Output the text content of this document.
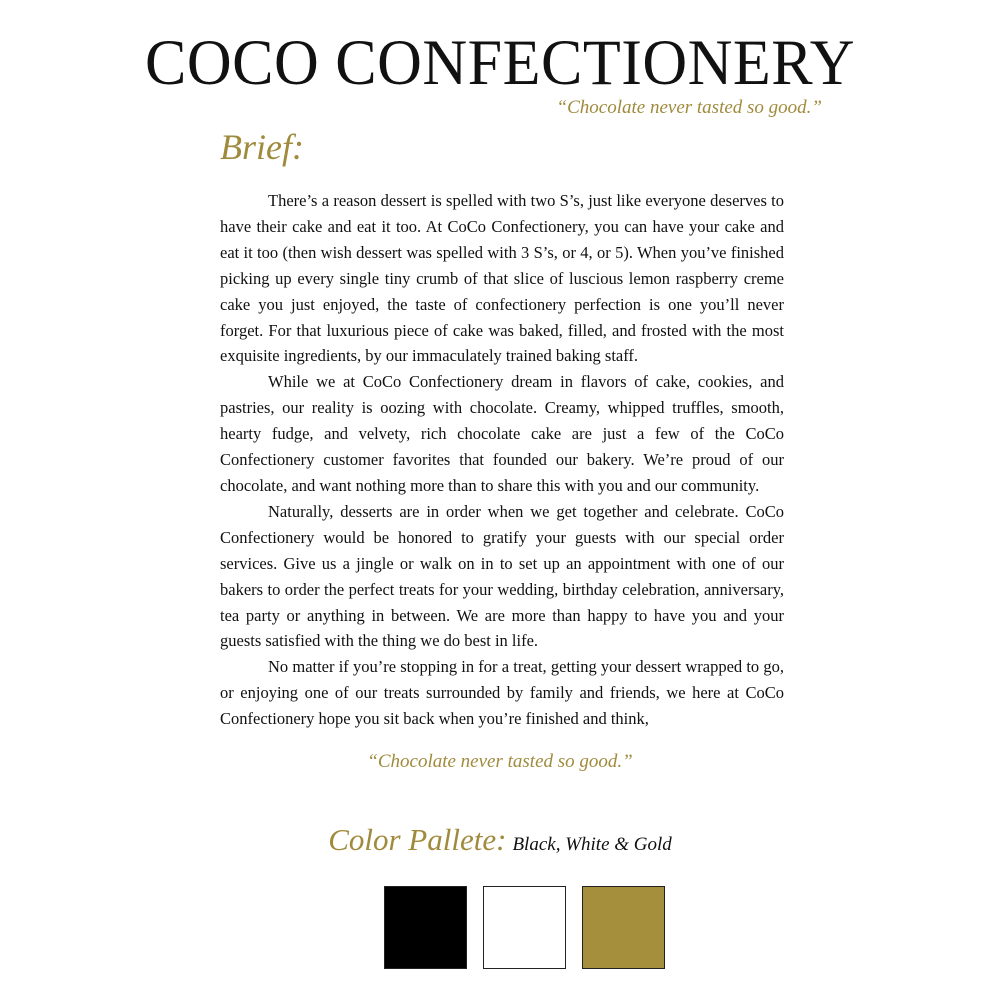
COCO CONFECTIONERY

“Chocolate never tasted so good.”

Brief:

There’s a reason dessert is spelled with two S’s, just like everyone deserves to have their cake and eat it too. At CoCo Confectionery, you can have your cake and eat it too (then wish dessert was spelled with 3 S’s, or 4, or 5). When you’ve finished picking up every single tiny crumb of that slice of luscious lemon raspberry creme cake you just enjoyed, the taste of confectionery perfection is one you’ll never forget. For that luxurious piece of cake was baked, filled, and frosted with the most exquisite ingredients, by our immaculately trained baking staff.

While we at CoCo Confectionery dream in flavors of cake, cookies, and pastries, our reality is oozing with chocolate. Creamy, whipped truffles, smooth, hearty fudge, and velvety, rich chocolate cake are just a few of the CoCo Confectionery customer favorites that founded our bakery. We’re proud of our chocolate, and want nothing more than to share this with you and our community.

Naturally, desserts are in order when we get together and celebrate. CoCo Confectionery would be honored to gratify your guests with our special order services. Give us a jingle or walk on in to set up an appointment with one of our bakers to order the perfect treats for your wedding, birthday celebration, anniversary, tea party or anything in between. We are more than happy to have you and your guests satisfied with the thing we do best in life.

No matter if you’re stopping in for a treat, getting your dessert wrapped to go, or enjoying one of our treats surrounded by family and friends, we here at CoCo Confectionery hope you sit back when you’re finished and think,

“Chocolate never tasted so good.”

Color Pallete: Black, White & Gold
